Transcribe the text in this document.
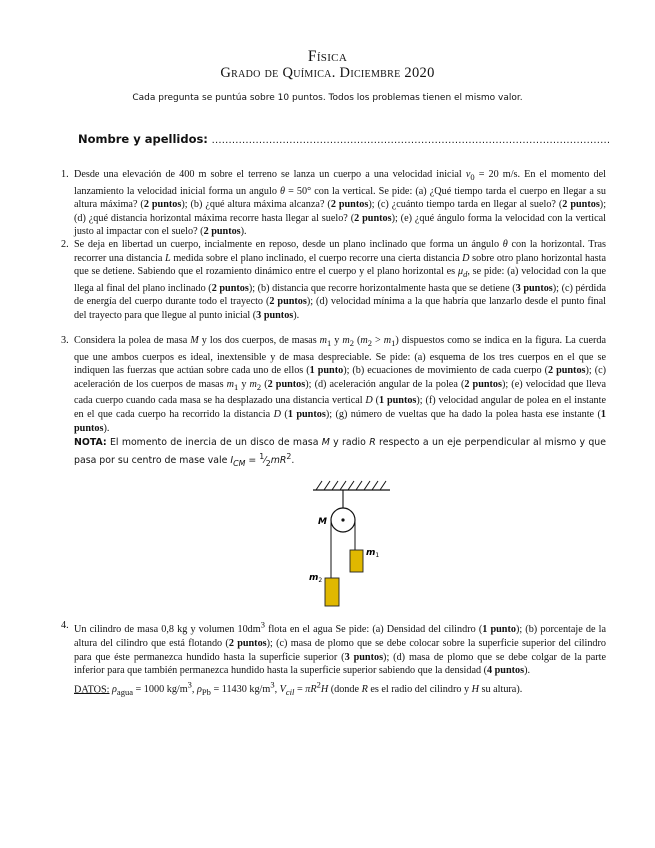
Física
Grado de Química. Diciembre 2020
Cada pregunta se puntúa sobre 10 puntos. Todos los problemas tienen el mismo valor.
Nombre y apellidos: ......................................................................................................................
1. Desde una elevación de 400 m sobre el terreno se lanza un cuerpo a una velocidad inicial $v_0 = 20$ m/s. En el momento del lanzamiento la velocidad inicial forma un angulo θ = 50° con la vertical. Se pide: (a) ¿Qué tiempo tarda el cuerpo en llegar a su altura máxima? (2 puntos); (b) ¿qué altura máxima alcanza? (2 puntos); (c) ¿cuánto tiempo tarda en llegar al suelo? (2 puntos); (d) ¿qué distancia horizontal máxima recorre hasta llegar al suelo? (2 puntos); (e) ¿qué ángulo forma la velocidad con la vertical justo al impactar con el suelo? (2 puntos).
2. Se deja en libertad un cuerpo, incialmente en reposo, desde un plano inclinado que forma un ángulo θ con la horizontal. Tras recorrer una distancia L medida sobre el plano inclinado, el cuerpo recorre una cierta distancia D sobre otro plano horizontal hasta que se detiene. Sabiendo que el rozamiento dinámico entre el cuerpo y el plano horizontal es $\mu_d$, se pide: (a) velocidad con la que llega al final del plano inclinado (2 puntos); (b) distancia que recorre horizontalmente hasta que se detiene (3 puntos); (c) pérdida de energía del cuerpo durante todo el trayecto (2 puntos); (d) velocidad mínima a la que habría que lanzarlo desde el punto final del trayecto para que llegue al punto inicial (3 puntos).
3. Considera la polea de masa M y los dos cuerpos, de masas $m_1$ y $m_2$ $(m_2 > m_1)$ dispuestos como se indica en la figura. La cuerda que une ambos cuerpos es ideal, inextensible y de masa despreciable. Se pide: (a) esquema de los tres cuerpos en el que se indiquen las fuerzas que actúan sobre cada uno de ellos (1 punto); (b) ecuaciones de movimiento de cada cuerpo (2 puntos); (c) aceleración de los cuerpos de masas $m_1$ y $m_2$ (2 puntos); (d) aceleración angular de la polea (2 puntos); (e) velocidad que lleva cada cuerpo cuando cada masa se ha desplazado una distancia vertical D (1 puntos); (f) velocidad angular de polea en el instante en el que cada cuerpo ha recorrido la distancia D (1 puntos); (g) número de vueltas que ha dado la polea hasta ese instante (1 puntos).
NOTA: El momento de inercia de un disco de masa M y radio R respecto a un eje perpendicular al mismo y que pasa por su centro de mase vale $I_{CM}$ = $^1⁄_2mR^2$.
M
$m_1$
$m_2$
4. Un cilindro de masa 0,8 kg y volumen $10dm^3$ flota en el agua Se pide: (a) Densidad del cilindro (1 punto); (b) porcentaje de la altura del cilindro que está flotando (2 puntos); (c) masa de plomo que se debe colocar sobre la superficie superior del cilindro para que éste permanezca hundido hasta la superficie superior (3 puntos); (d) masa de plomo que se debe colgar de la parte inferior para que también permanezca hundido hasta la superficie superior sabiendo que la densidad (4 puntos).
DATOS: $\rho_{agua} = 1000$ $kg/m^3$, $\rho_{Pb} = 11430$ $kg/m^3$, $V_{cil} = \pi R^2H$ (donde R es el radio del cilindro y H su altura).
